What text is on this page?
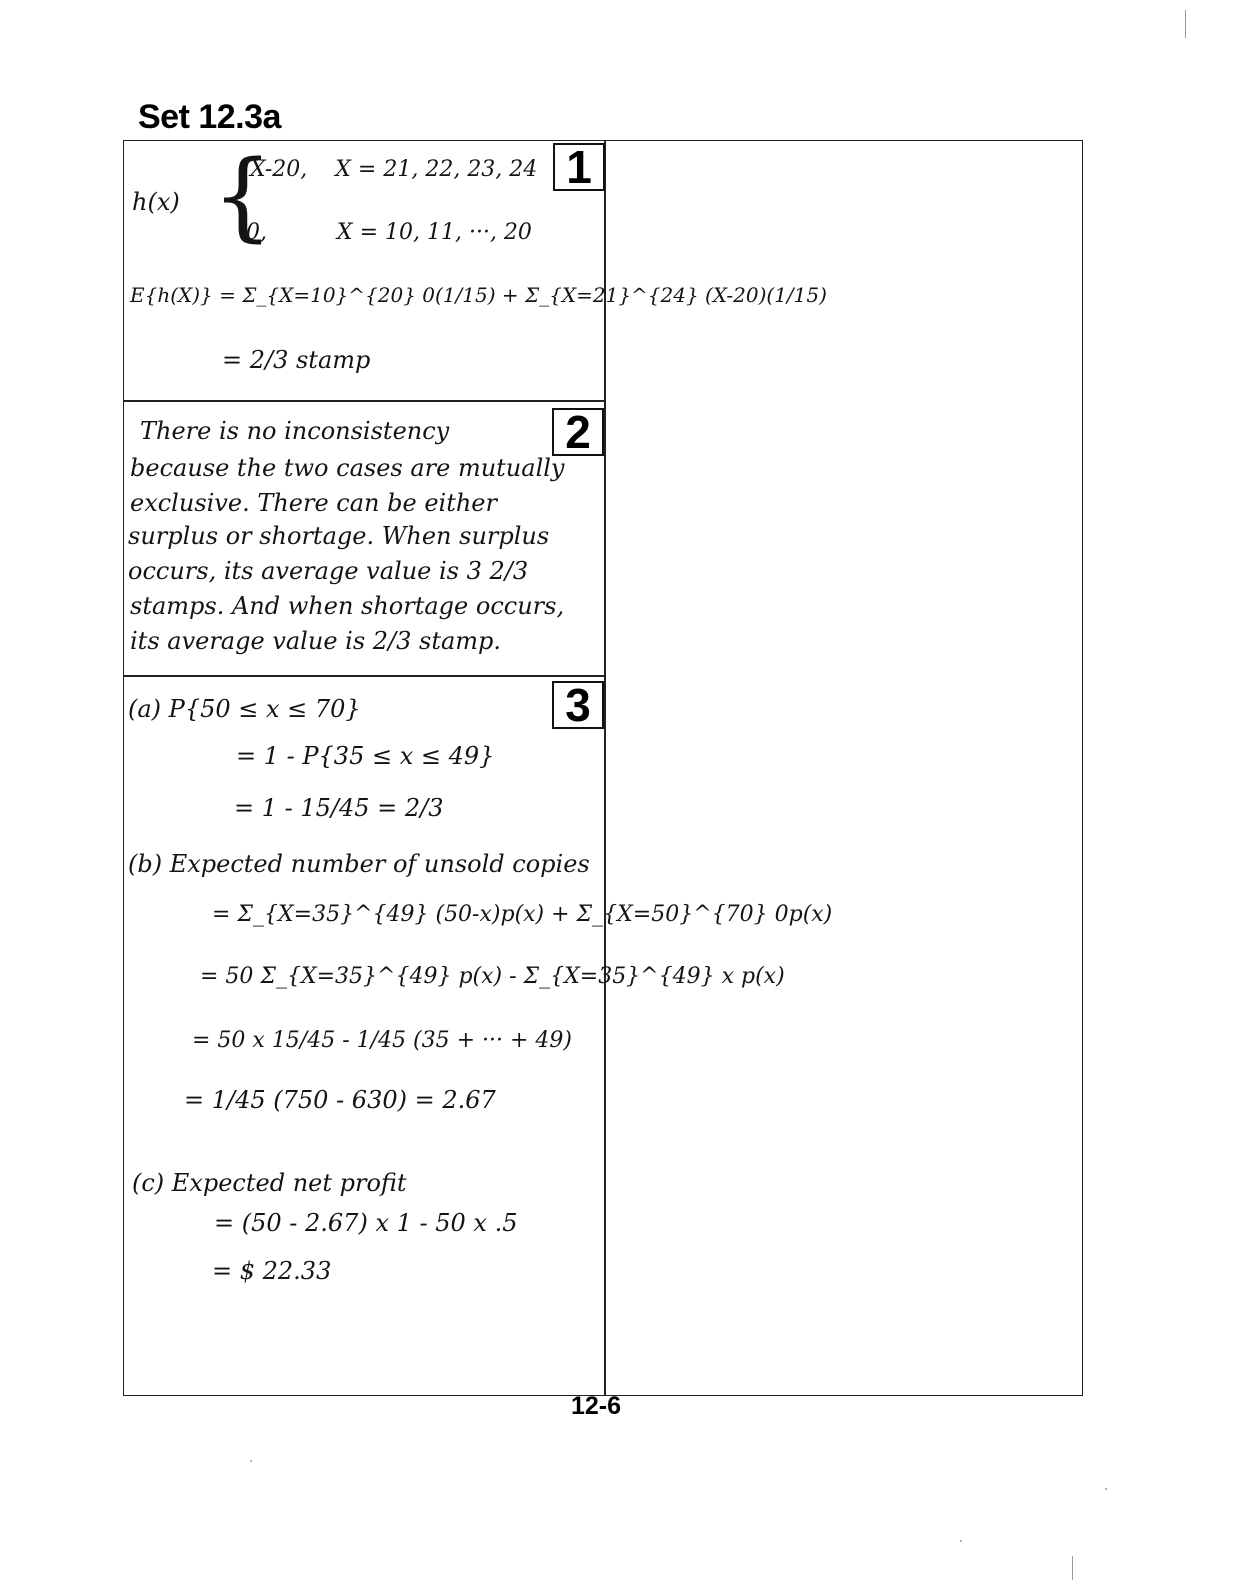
Set 12.3a
1
h(x) {
X-20,    X = 21, 22, 23, 24
0,          X = 10, 11, ···, 20
E{h(X)} = Σ_{X=10}^{20} 0(1/15) + Σ_{X=21}^{24} (X-20)(1/15)
= 2/3 stamp
2
There is no inconsistency
because the two cases are mutually
exclusive. There can be either
surplus or shortage. When surplus
occurs, its average value is 3 2/3
stamps. And when shortage occurs,
its average value is 2/3 stamp.
3
(a) P{50 ≤ x ≤ 70}
= 1 - P{35 ≤ x ≤ 49}
= 1 - 15/45 = 2/3
(b) Expected number of unsold copies
= Σ_{X=35}^{49} (50-x)p(x) + Σ_{X=50}^{70} 0p(x)
= 50 Σ_{X=35}^{49} p(x) - Σ_{X=35}^{49} x p(x)
= 50 x 15/45 - 1/45 (35 + ··· + 49)
= 1/45 (750 - 630) = 2.67
(c) Expected net profit
= (50 - 2.67) x 1 - 50 x .5
= $ 22.33
12-6
